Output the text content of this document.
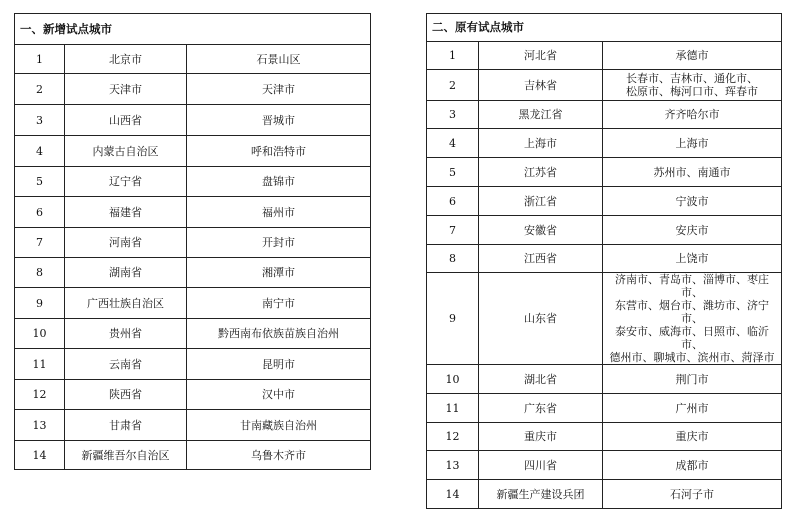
一、新增试点城市		
1	北京市	石景山区

2	天津市	天津市

3	山西省	晋城市

4	内蒙古自治区	呼和浩特市

5	辽宁省	盘锦市

6	福建省	福州市

7	河南省	开封市

8	湖南省	湘潭市

9	广西壮族自治区	南宁市

10	贵州省	黔西南布依族苗族自治州

11	云南省	昆明市

12	陕西省	汉中市

13	甘肃省	甘南藏族自治州

14	新疆维吾尔自治区	乌鲁木齐市
二、原有试点城市		
1	河北省	承德市

2	吉林省	长春市、吉林市、通化市、
松原市、梅河口市、珲春市

3	黑龙江省	齐齐哈尔市

4	上海市	上海市

5	江苏省	苏州市、南通市

6	浙江省	宁波市

7	安徽省	安庆市

8	江西省	上饶市

9	山东省	济南市、青岛市、淄博市、枣庄市、
东营市、烟台市、潍坊市、济宁市、
泰安市、威海市、日照市、临沂市、
德州市、聊城市、滨州市、菏泽市

10	湖北省	荆门市

11	广东省	广州市

12	重庆市	重庆市

13	四川省	成都市

14	新疆生产建设兵团	石河子市
